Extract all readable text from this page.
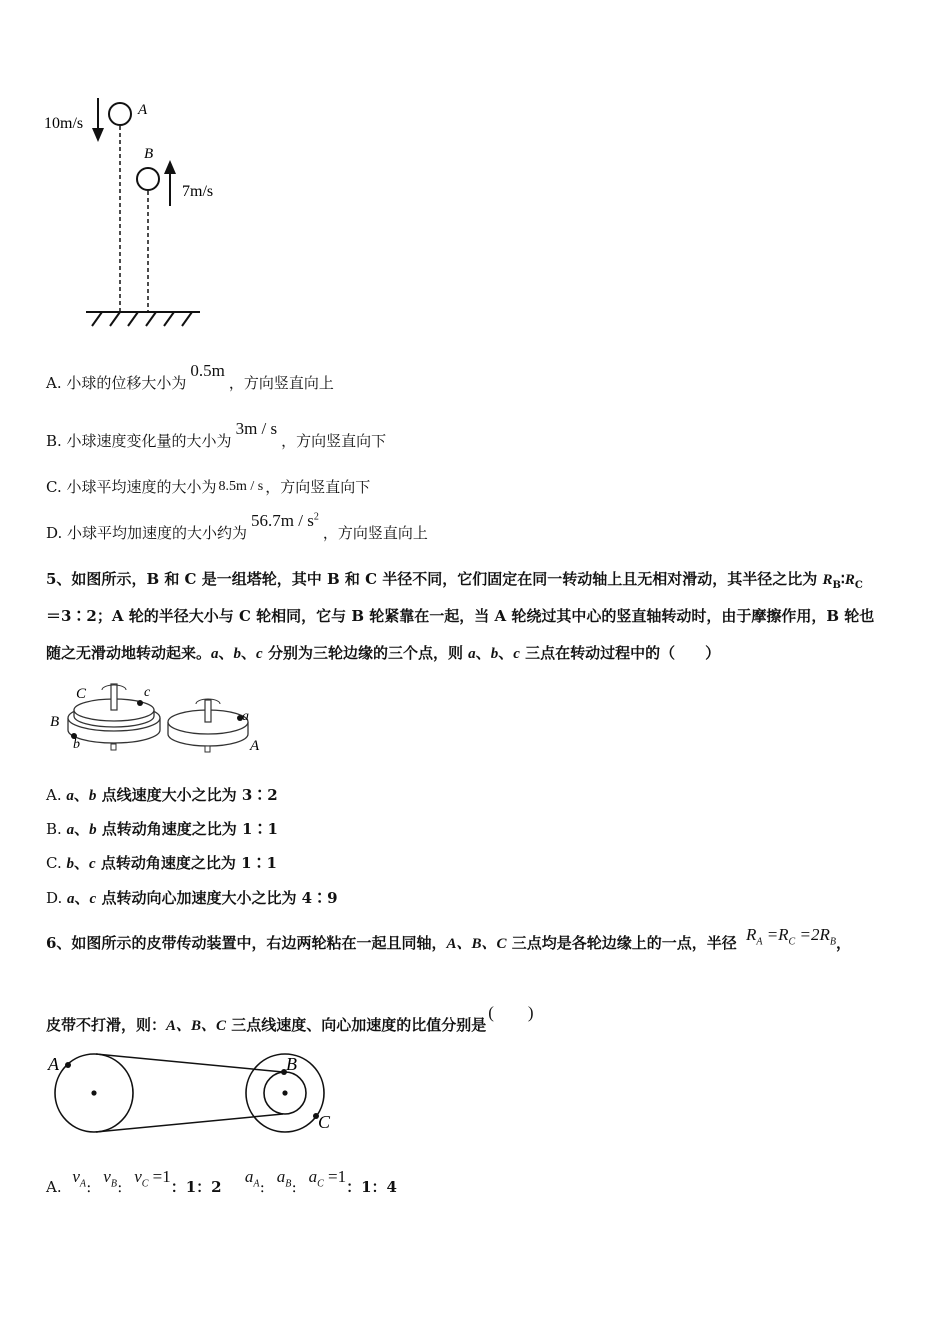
10m/s
A
B
7m/s
A. 小球的位移大小为0.5m，方向竖直向上
B. 小球速度变化量的大小为3m / s，方向竖直向下
C. 小球平均速度的大小为 8.5m / s ，方向竖直向下
D. 小球平均加速度的大小约为$56.7m / s^2$，方向竖直向上
5、如图所示，B 和 C 是一组塔轮，其中 B 和 C 半径不同，它们固定在同一转动轴上且无相对滑动，其半径之比为 $R_B∶R_C$
＝3∶2；A 轮的半径大小与 C 轮相同，它与 B 轮紧靠在一起，当 A 轮绕过其中心的竖直轴转动时，由于摩擦作用，B 轮也
随之无滑动地转动起来。a、b、c 分别为三轮边缘的三个点，则 a、b、c 三点在转动过程中的（　　）
C	c
B
b
a
A
A. a、b 点线速度大小之比为 3∶2
B. a、b 点转动角速度之比为 1∶1
C. b、c 点转动角速度之比为 1∶1
D. a、c 点转动向心加速度大小之比为 4∶9
6、如图所示的皮带传动装置中，右边两轮粘在一起且同轴，A、B、C 三点均是各轮边缘上的一点，半径 $R_A =R_C =2R_B$，
皮带不打滑，则：A、B、C 三点线速度、向心加速度的比值分别是(　　)
A	B
C
A. $v_A$： $v_B$： $v_C =1$：1：2 $a_A$： $a_B$： $a_C =1$：1：4
